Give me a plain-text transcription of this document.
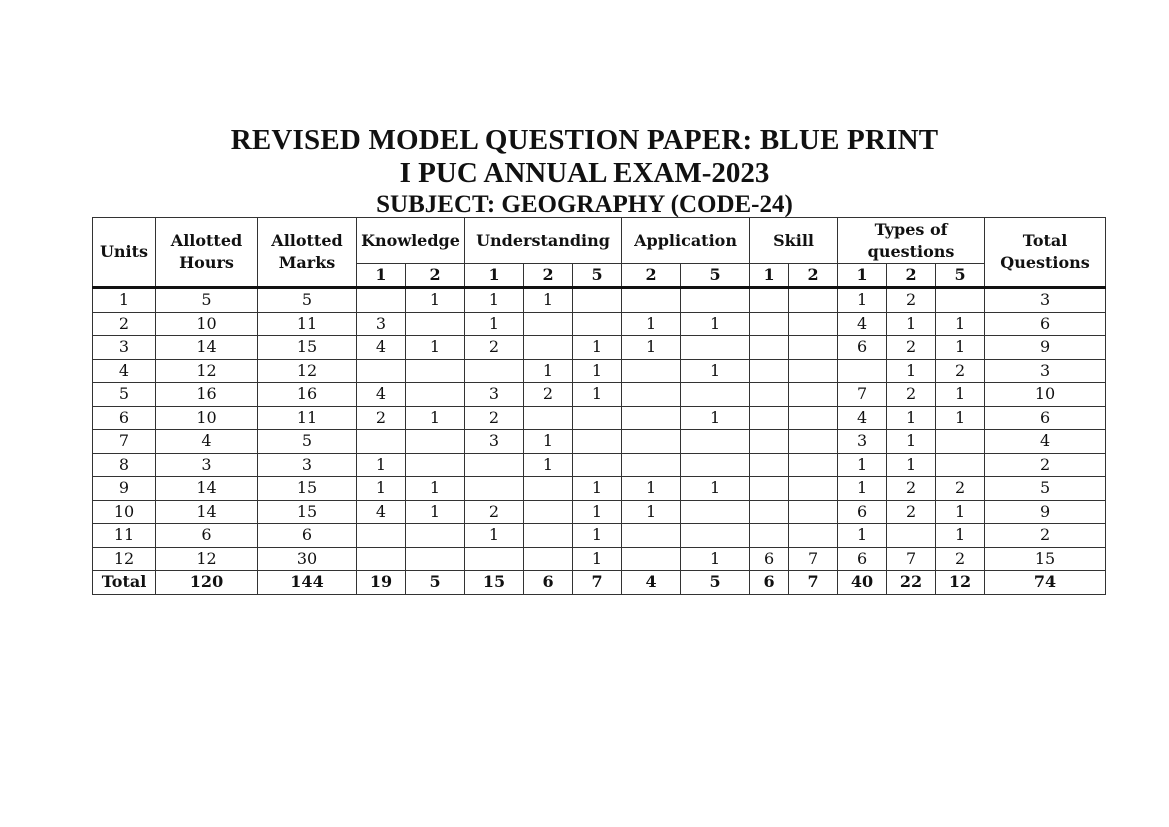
REVISED MODEL QUESTION PAPER: BLUE PRINT
I PUC ANNUAL EXAM-2023
SUBJECT: GEOGRAPHY (CODE-24)
Units	Allotted Hours	Allotted Marks	Knowledge		Understanding			Application		Skill		Types of questions			Total Questions
			1	2	1	2	5	2	5	1	2	1	2	5	
1	5	5		1	1	1						1	2		3
2	10	11	3		1			1	1			4	1	1	6
3	14	15	4	1	2		1	1				6	2	1	9
4	12	12				1	1		1				1	2	3
5	16	16	4		3	2	1					7	2	1	10
6	10	11	2	1	2				1			4	1	1	6
7	4	5			3	1						3	1		4
8	3	3	1			1						1	1		2
9	14	15	1	1			1	1	1			1	2	2	5
10	14	15	4	1	2		1	1				6	2	1	9
11	6	6			1		1					1		1	2
12	12	30					1		1	6	7	6	7	2	15
Total	120	144	19	5	15	6	7	4	5	6	7	40	22	12	74
